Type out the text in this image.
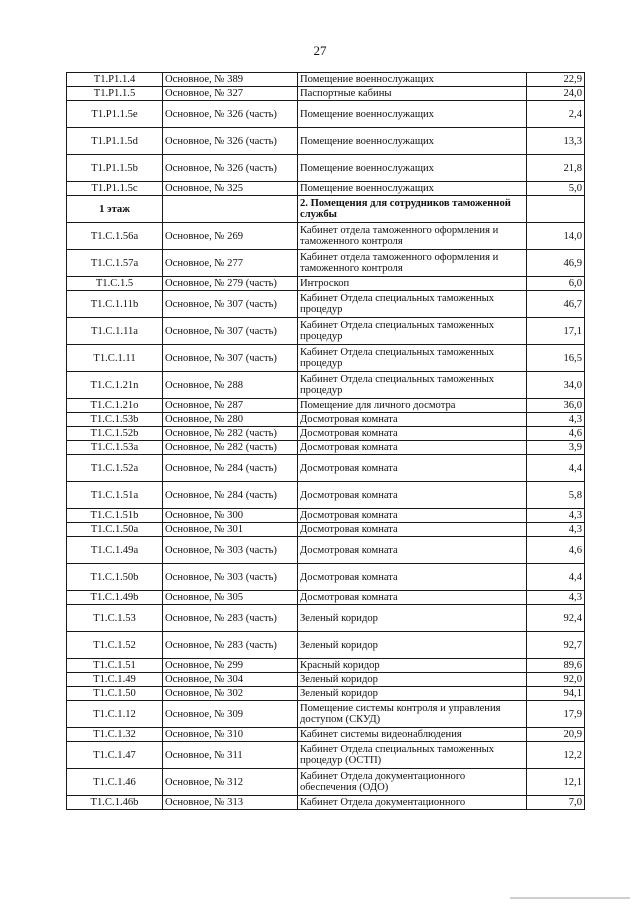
27
Т1.Р1.1.4	Основное, № 389	Помещение военнослужащих	22,9
Т1.Р1.1.5	Основное, № 327	Паспортные кабины	24,0
Т1.Р1.1.5e	Основное, № 326 (часть)	Помещение военнослужащих	2,4
Т1.Р1.1.5d	Основное, № 326 (часть)	Помещение военнослужащих	13,3
Т1.Р1.1.5b	Основное, № 326 (часть)	Помещение военнослужащих	21,8
Т1.Р1.1.5c	Основное, № 325	Помещение военнослужащих	5,0
1 этаж		2. Помещения для сотрудников таможенной службы	
Т1.С.1.56a	Основное, № 269	Кабинет отдела таможенного оформления и таможенного контроля	14,0
Т1.С.1.57a	Основное, № 277	Кабинет отдела таможенного оформления и таможенного контроля	46,9
Т1.С.1.5	Основное, № 279 (часть)	Интроскоп	6,0
Т1.С.1.11b	Основное, № 307 (часть)	Кабинет Отдела специальных таможенных процедур	46,7
Т1.С.1.11a	Основное, № 307 (часть)	Кабинет Отдела специальных таможенных процедур	17,1
Т1.С.1.11	Основное, № 307 (часть)	Кабинет Отдела специальных таможенных процедур	16,5
Т1.С.1.21n	Основное, № 288	Кабинет Отдела специальных таможенных процедур	34,0
Т1.С.1.21o	Основное, № 287	Помещение для личного досмотра	36,0
Т1.С.1.53b	Основное, № 280	Досмотровая комната	4,3
Т1.С.1.52b	Основное, № 282 (часть)	Досмотровая комната	4,6
Т1.С.1.53a	Основное, № 282 (часть)	Досмотровая комната	3,9
Т1.С.1.52a	Основное, № 284 (часть)	Досмотровая комната	4,4
Т1.С.1.51a	Основное, № 284 (часть)	Досмотровая комната	5,8
Т1.С.1.51b	Основное, № 300	Досмотровая комната	4,3
Т1.С.1.50a	Основное, № 301	Досмотровая комната	4,3
Т1.С.1.49a	Основное, № 303 (часть)	Досмотровая комната	4,6
Т1.С.1.50b	Основное, № 303 (часть)	Досмотровая комната	4,4
Т1.С.1.49b	Основное, № 305	Досмотровая комната	4,3
Т1.С.1.53	Основное, № 283 (часть)	Зеленый коридор	92,4
Т1.С.1.52	Основное, № 283 (часть)	Зеленый коридор	92,7
Т1.С.1.51	Основное, № 299	Красный коридор	89,6
Т1.С.1.49	Основное, № 304	Зеленый коридор	92,0
Т1.С.1.50	Основное, № 302	Зеленый коридор	94,1
Т1.С.1.12	Основное, № 309	Помещение системы контроля и управления доступом (СКУД)	17,9
Т1.С.1.32	Основное, № 310	Кабинет системы видеонаблюдения	20,9
Т1.С.1.47	Основное, № 311	Кабинет Отдела специальных таможенных процедур (ОСТП)	12,2
Т1.С.1.46	Основное, № 312	Кабинет Отдела документационного обеспечения (ОДО)	12,1
Т1.С.1.46b	Основное, № 313	Кабинет Отдела документационного	7,0
